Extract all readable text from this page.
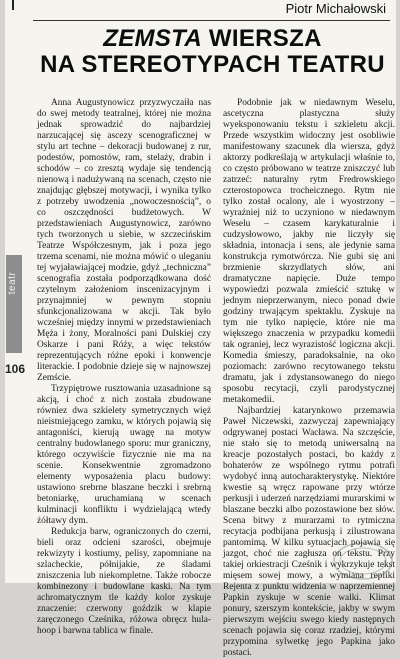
teatr
106
Piotr Michałowski
ZEMSTA WIERSZA
NA STEREOTYPACH TEATRU

Anna Augustynowicz przyzwyczaiła nas do swej metody teatralnej, której nie można jednak sprowadzić do najbardziej narzucającej się ascezy scenograficznej w stylu art techne – dekoracji budowanej z rur, podestów, pomostów, ram, stelaży, drabin i schodów – co zresztą wydaje się tendencją nienową i nadużywaną na scenach, często nie znajdując głębszej motywacji, i wynika tylko z potrzeby uwodzenia „nowoczesnością”, o co oszczędności budżetowych. W przedstawieniach Augustynowicz, zarówno tych tworzonych u siebie, w szczecińskim Teatrze Współczesnym, jak i poza jego trzema scenami, nie można mówić o uleganiu tej wyjaławiającej modzie, gdyż „techniczna” scenografia została podporządkowana dość czytelnym założeniom inscenizacyjnym i przynajmniej w pewnym stopniu sfunkcjonalizowana w akcji. Tak było wcześniej między innymi w przedstawieniach Męża i żony, Moralności pani Dulskiej czy Oskarze i pani Róży, a więc tekstów reprezentujących różne epoki i konwencje literackie. I podobnie dzieje się w najnowszej Zemście.

Trzypiętrowe rusztowania uzasadnione są akcją, i choć z nich została zbudowane równiez dwa szkielety symetrycznych więź nieistniejącego zamku, w których pojawią się antagoniści, kierują uwagę na motyw centralny budowlanego sporu: mur graniczny, którego oczywiście fizycznie nie ma na scenie. Konsekwentnie zgromadzono elementy wyposażenia placu budowy: ustawiono srebrne blaszane beczki i srebrną betoniarkę, uruchamianą w scenach kulminacji konfliktu i wydzielającą wtedy żółtawy dym.

Redukcja barw, ograniczonych do czerni, bieli oraz odcieni szarości, obejmuje rekwizyty i kostiumy, pelisy, zapomniane na szlacheckie, półnijakie, ze śladami zniszczenia lub niekompletne. Także robocze kombinezony i budowlane kaski. Na tym achromatycznym tle każdy kolor zyskuje znaczenie: czerwony goździk w klapie zaręczonego Cześnika, różowa obręcz hula-hoop i barwna tablica w finale.

Podobnie jak w niedawnym Weselu, ascetyczna plastyczna służy wyeksponowaniu tekstu i szkieletu akcji. Przede wszystkim widoczny jest osobliwie manifestowany szacunek dla wiersza, gdyż aktorzy podkreślają w artykulacji właśnie to, co często próbowano w teatrze zniszczyć lub zatrzeć: naturalny rytm Fredrowskiego czterostopowca trocheicznego. Rytm nie tylko został ocalony, ale i wyostrzony – wyraźniej niż to uczyniono w niedawnym Weselu – czasem karykaturalnie i cudzysłowowo, jakby nie liczyły się składnia, intonacja i sens, ale jedynie sama konstrukcja rymotwórcza. Nie gubi się ani brzmienie skrzydlatych słów, ani dramatyczne napięcie. Duże tempo wypowiedzi pozwala zmieścić sztukę w jednym nieprzerwanym, nieco ponad dwie godziny trwającym spektaklu. Zyskuje na tym nie tylko napięcie, które nie ma większego znaczenia w przypadku komedii tak ograniej, lecz wyrazistość logiczna akcji. Komedia śmieszy, paradoksalnie, na oko poziomach: zarówno recytowanego tekstu dramatu, jak i zdystansowanego do niego sposobu recytacji, czyli parodystycznej metakomedii.

Najbardziej katarynkowo przemawia Paweł Niczewski, zazwyczaj zapewniający odgrywanej postaci Wacława. Na szczęście, nie stało się to metodą uniwersalną na kreacje pozostałych postaci, bo każdy z bohaterów ze wspólnego rytmu potrafi wydobyć inną autocharakterystykę. Niektóre kwestie są wręcz rapowane przy wtórze perkusji i uderzeń narzędziami murarskimi w blaszane beczki albo pozostawione bez słów. Scena bitwy z murarzami to rytmiczna recytacja podbijana perkusją i zilustrowana pantomimą. W kilku sytuacjach pojawia się jazgot, choć nie zagłusza on tekstu. Przy takiej orkiestracji Cześnik i wykrzykuje tekst mięsem sowej mowy, a wymiana repliki Rejenta z punktu widzenia w naprzemiennej Papkin zyskuje w scenie walki. Klimat ponury, szerszym kontekście, jakby w swym pierwszym wejściu swego kiedy następnych scenach pojawia się coraz rzadziej, którymi przypomina sylwetkę jego Papkina jako postaci.
